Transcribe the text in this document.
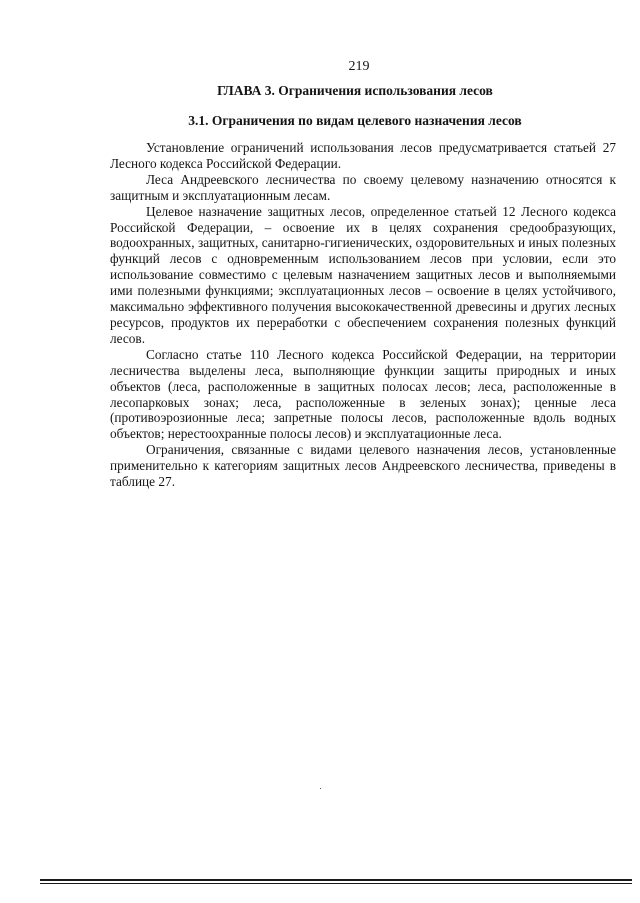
219
ГЛАВА 3. Ограничения использования лесов
3.1. Ограничения по видам целевого назначения лесов

Установление ограничений использования лесов предусматривается статьей 27 Лесного кодекса Российской Федерации.

Леса Андреевского лесничества по своему целевому назначению относятся к защитным и эксплуатационным лесам.

Целевое назначение защитных лесов, определенное статьей 12 Лесного кодекса Российской Федерации, – освоение их в целях сохранения средообразующих, водоохранных, защитных, санитарно-гигиенических, оздоровительных и иных полезных функций лесов с одновременным использованием лесов при условии, если это использование совместимо с целевым назначением защитных лесов и выполняемыми ими полезными функциями; эксплуатационных лесов – освоение в целях устойчивого, максимально эффективного получения высококачественной древесины и других лесных ресурсов, продуктов их переработки с обеспечением сохранения полезных функций лесов.

Согласно статье 110 Лесного кодекса Российской Федерации, на территории лесничества выделены леса, выполняющие функции защиты природных и иных объектов (леса, расположенные в защитных полосах лесов; леса, расположенные в лесопарковых зонах; леса, расположенные в зеленых зонах); ценные леса (противоэрозионные леса; запретные полосы лесов, расположенные вдоль водных объектов; нерестоохранные полосы лесов) и эксплуатационные леса.

Ограничения, связанные с видами целевого назначения лесов, установленные применительно к категориям защитных лесов Андреевского лесничества, приведены в таблице 27.
